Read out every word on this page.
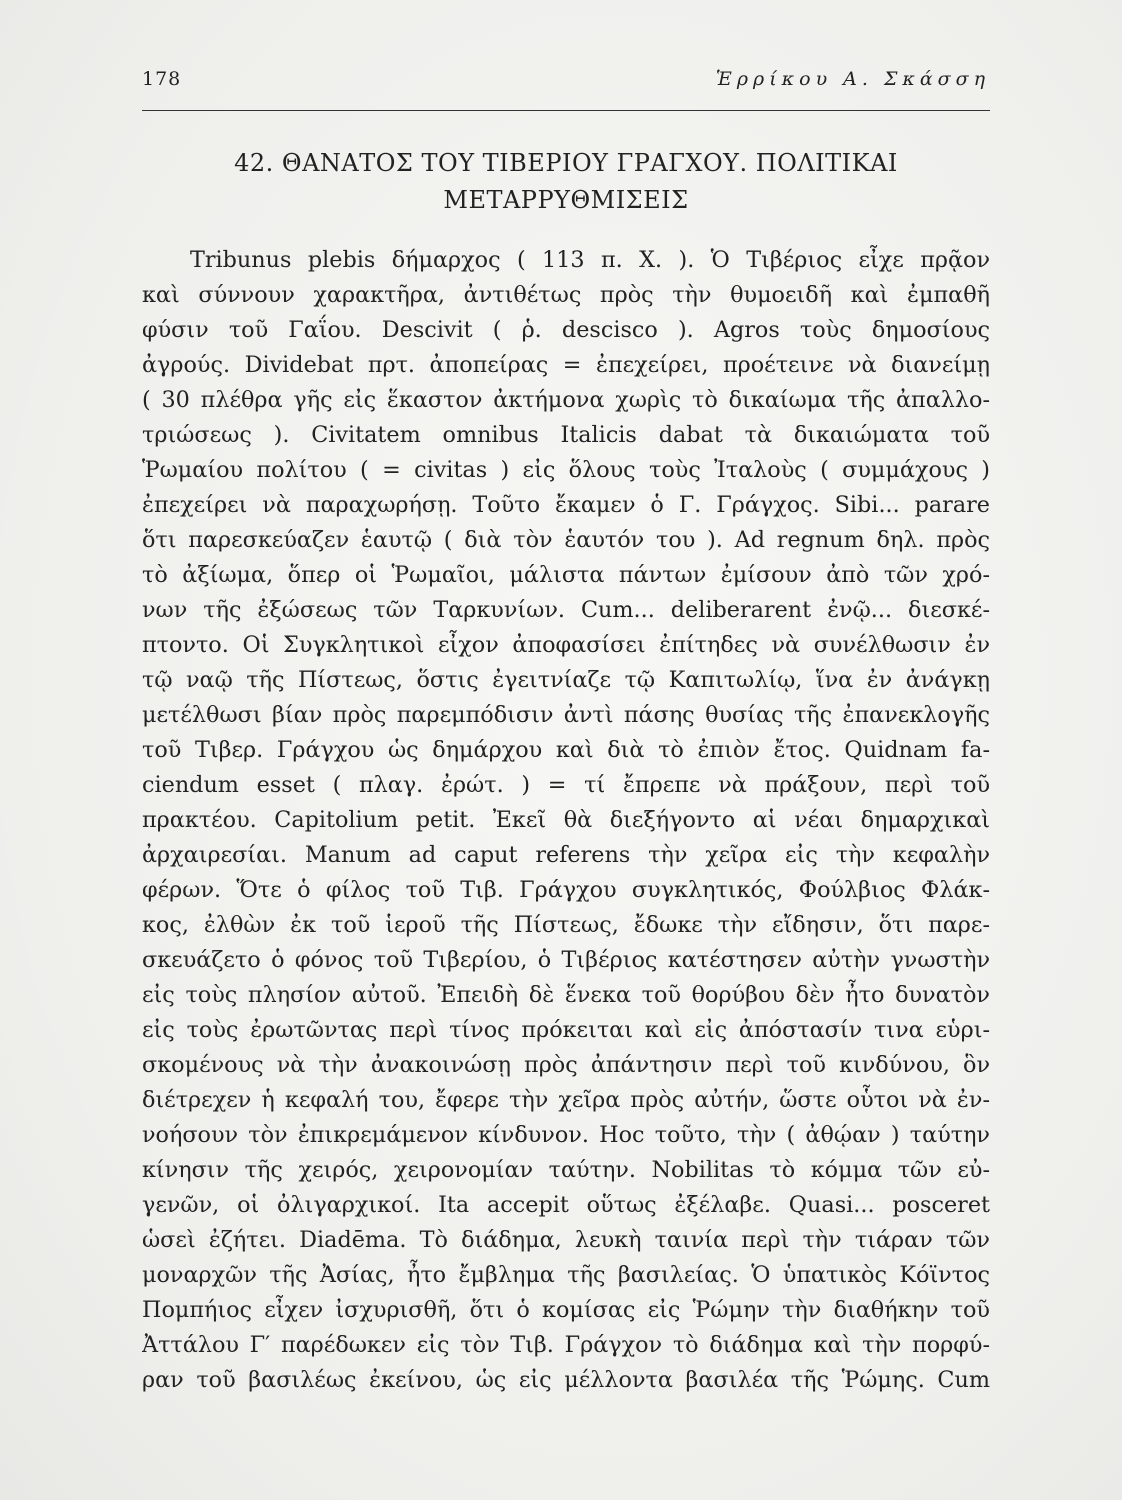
178	Ἑρρίκου Α. Σκάσση
42. ΘΑΝΑΤΟΣ ΤΟΥ ΤΙΒΕΡΙΟΥ ΓΡΑΓΧΟΥ. ΠΟΛΙΤΙΚΑΙ
ΜΕΤΑΡΡΥΘΜΙΣΕΙΣ
Tribunus plebis δήμαρχος ( 113 π. Χ. ). Ὁ Τιβέριος εἶχε πρᾷον
καὶ σύννουν χαρακτῆρα, ἀντιθέτως πρὸς τὴν θυμοειδῆ καὶ ἐμπαθῆ
φύσιν τοῦ Γαΐου. Descivit ( ῥ. descisco ). Agros τοὺς δημοσίους
ἀγρούς. Dividebat πρτ. ἀποπείρας = ἐπεχείρει, προέτεινε νὰ διανείμῃ
( 30 πλέθρα γῆς εἰς ἕκαστον ἀκτήμονα χωρὶς τὸ δικαίωμα τῆς ἀπαλλο-
τριώσεως ). Civitatem omnibus Italicis dabat τὰ δικαιώματα τοῦ
Ῥωμαίου πολίτου ( = civitas ) εἰς ὅλους τοὺς Ἰταλοὺς ( συμμάχους )
ἐπεχείρει νὰ παραχωρήσῃ. Τοῦτο ἔκαμεν ὁ Γ. Γράγχος. Sibi... parare
ὅτι παρεσκεύαζεν ἑαυτῷ ( διὰ τὸν ἑαυτόν του ). Ad regnum δηλ. πρὸς
τὸ ἀξίωμα, ὅπερ οἱ Ῥωμαῖοι, μάλιστα πάντων ἐμίσουν ἀπὸ τῶν χρό-
νων τῆς ἐξώσεως τῶν Ταρκυνίων. Cum... deliberarent ἐνῷ... διεσκέ-
πτοντο. Οἱ Συγκλητικοὶ εἶχον ἀποφασίσει ἐπίτηδες νὰ συνέλθωσιν ἐν
τῷ ναῷ τῆς Πίστεως, ὅστις ἐγειτνίαζε τῷ Καπιτωλίῳ, ἵνα ἐν ἀνάγκῃ
μετέλθωσι βίαν πρὸς παρεμπόδισιν ἀντὶ πάσης θυσίας τῆς ἐπανεκλογῆς
τοῦ Τιβερ. Γράγχου ὡς δημάρχου καὶ διὰ τὸ ἐπιὸν ἔτος. Quidnam fa-
ciendum esset ( πλαγ. ἐρώτ. ) = τί ἔπρεπε νὰ πράξουν, περὶ τοῦ
πρακτέου. Capitolium petit. Ἐκεῖ θὰ διεξήγοντο αἱ νέαι δημαρχικαὶ
ἀρχαιρεσίαι. Manum ad caput referens τὴν χεῖρα εἰς τὴν κεφαλὴν
φέρων. Ὅτε ὁ φίλος τοῦ Τιβ. Γράγχου συγκλητικός, Φούλβιος Φλάκ-
κος, ἐλθὼν ἐκ τοῦ ἱεροῦ τῆς Πίστεως, ἔδωκε τὴν εἴδησιν, ὅτι παρε-
σκευάζετο ὁ φόνος τοῦ Τιβερίου, ὁ Τιβέριος κατέστησεν αὐτὴν γνωστὴν
εἰς τοὺς πλησίον αὐτοῦ. Ἐπειδὴ δὲ ἕνεκα τοῦ θορύβου δὲν ἦτο δυνατὸν
εἰς τοὺς ἐρωτῶντας περὶ τίνος πρόκειται καὶ εἰς ἀπόστασίν τινα εὑρι-
σκομένους νὰ τὴν ἀνακοινώσῃ πρὸς ἀπάντησιν περὶ τοῦ κινδύνου, ὃν
διέτρεχεν ἡ κεφαλή του, ἔφερε τὴν χεῖρα πρὸς αὐτήν, ὥστε οὗτοι νὰ ἐν-
νοήσουν τὸν ἐπικρεμάμενον κίνδυνον. Hoc τοῦτο, τὴν ( ἀθῴαν ) ταύτην
κίνησιν τῆς χειρός, χειρονομίαν ταύτην. Nobilitas τὸ κόμμα τῶν εὐ-
γενῶν, οἱ ὀλιγαρχικοί. Ita accepit οὕτως ἐξέλαβε. Quasi... posceret
ὡσεὶ ἐζήτει. Diadēma. Τὸ διάδημα, λευκὴ ταινία περὶ τὴν τιάραν τῶν
μοναρχῶν τῆς Ἀσίας, ἦτο ἔμβλημα τῆς βασιλείας. Ὁ ὑπατικὸς Κόϊντος
Πομπήιος εἶχεν ἰσχυρισθῆ, ὅτι ὁ κομίσας εἰς Ῥώμην τὴν διαθήκην τοῦ
Ἀττάλου Γ′ παρέδωκεν εἰς τὸν Τιβ. Γράγχον τὸ διάδημα καὶ τὴν πορφύ-
ραν τοῦ βασιλέως ἐκείνου, ὡς εἰς μέλλοντα βασιλέα τῆς Ῥώμης. Cum
